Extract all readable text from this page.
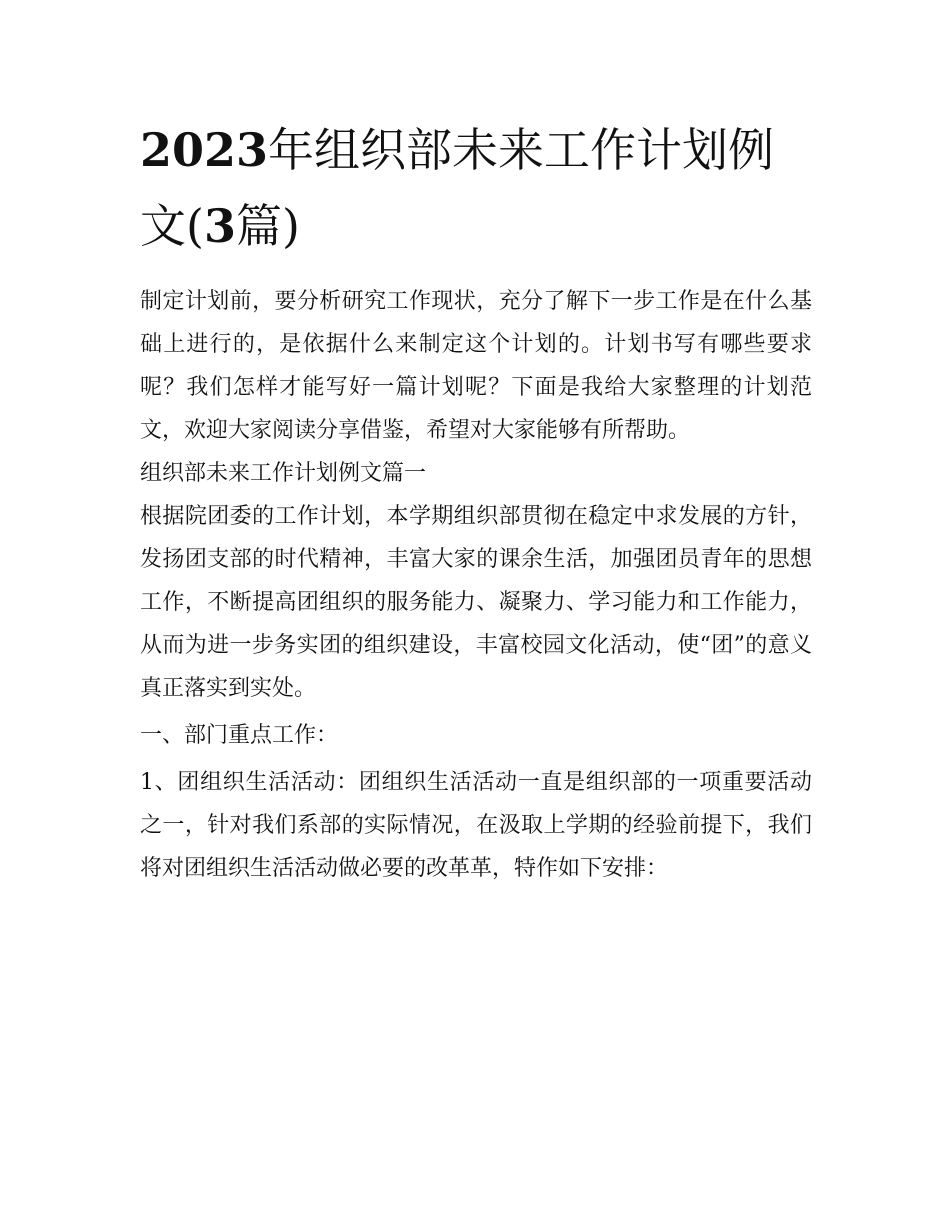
2023年组织部未来工作计划例文(3篇)

制定计划前，要分析研究工作现状，充分了解下一步工作是在什么基础上进行的，是依据什么来制定这个计划的。计划书写有哪些要求呢？我们怎样才能写好一篇计划呢？下面是我给大家整理的计划范文，欢迎大家阅读分享借鉴，希望对大家能够有所帮助。

组织部未来工作计划例文篇一

根据院团委的工作计划，本学期组织部贯彻在稳定中求发展的方针，发扬团支部的时代精神，丰富大家的课余生活，加强团员青年的思想工作，不断提高团组织的服务能力、凝聚力、学习能力和工作能力，从而为进一步务实团的组织建设，丰富校园文化活动，使“团”的意义真正落实到实处。

一、部门重点工作：

1、团组织生活活动：团组织生活活动一直是组织部的一项重要活动之一，针对我们系部的实际情况，在汲取上学期的经验前提下，我们将对团组织生活活动做必要的改革革，特作如下安排：
